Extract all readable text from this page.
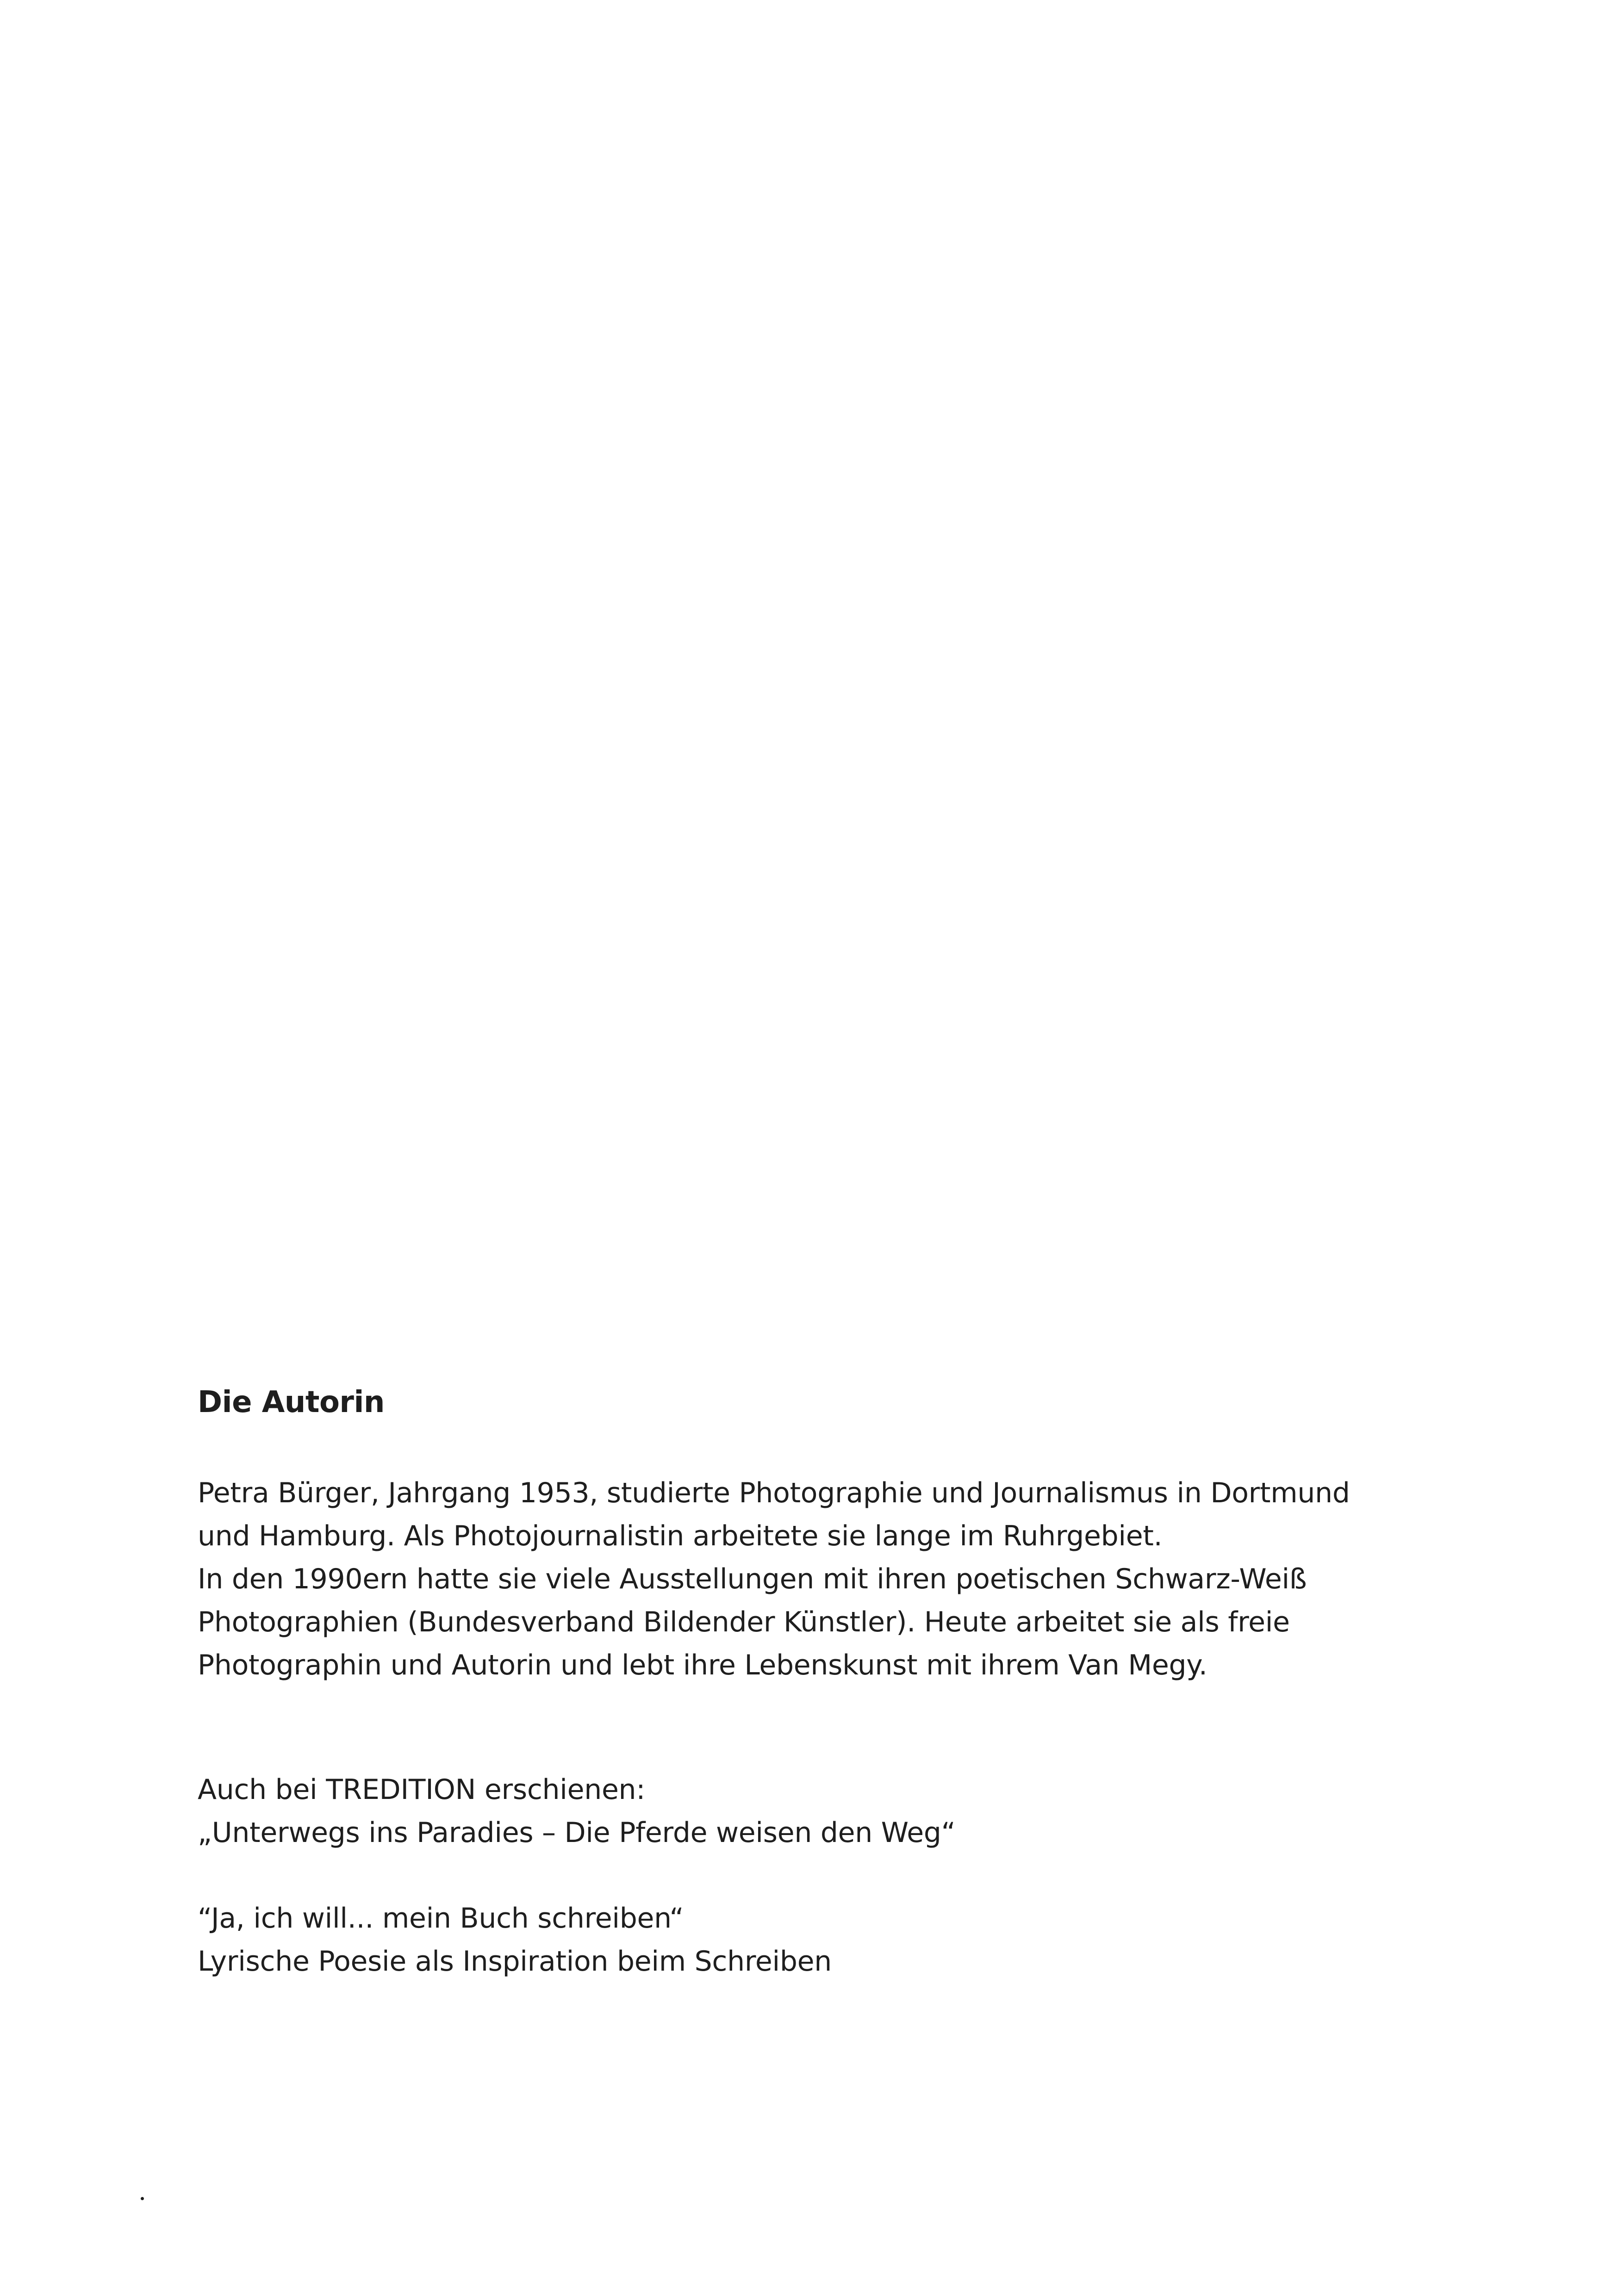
Die Autorin

Petra Bürger, Jahrgang 1953, studierte Photographie und Journalismus in Dortmund
und Hamburg. Als Photojournalistin arbeitete sie lange im Ruhrgebiet.
In den 1990ern hatte sie viele Ausstellungen mit ihren poetischen Schwarz-Weiß
Photographien (Bundesverband Bildender Künstler). Heute arbeitet sie als freie
Photographin und Autorin und lebt ihre Lebenskunst mit ihrem Van Megy.

Auch bei TREDITION erschienen:
„Unterwegs ins Paradies – Die Pferde weisen den Weg“

“Ja, ich will... mein Buch schreiben“
Lyrische Poesie als Inspiration beim Schreiben
